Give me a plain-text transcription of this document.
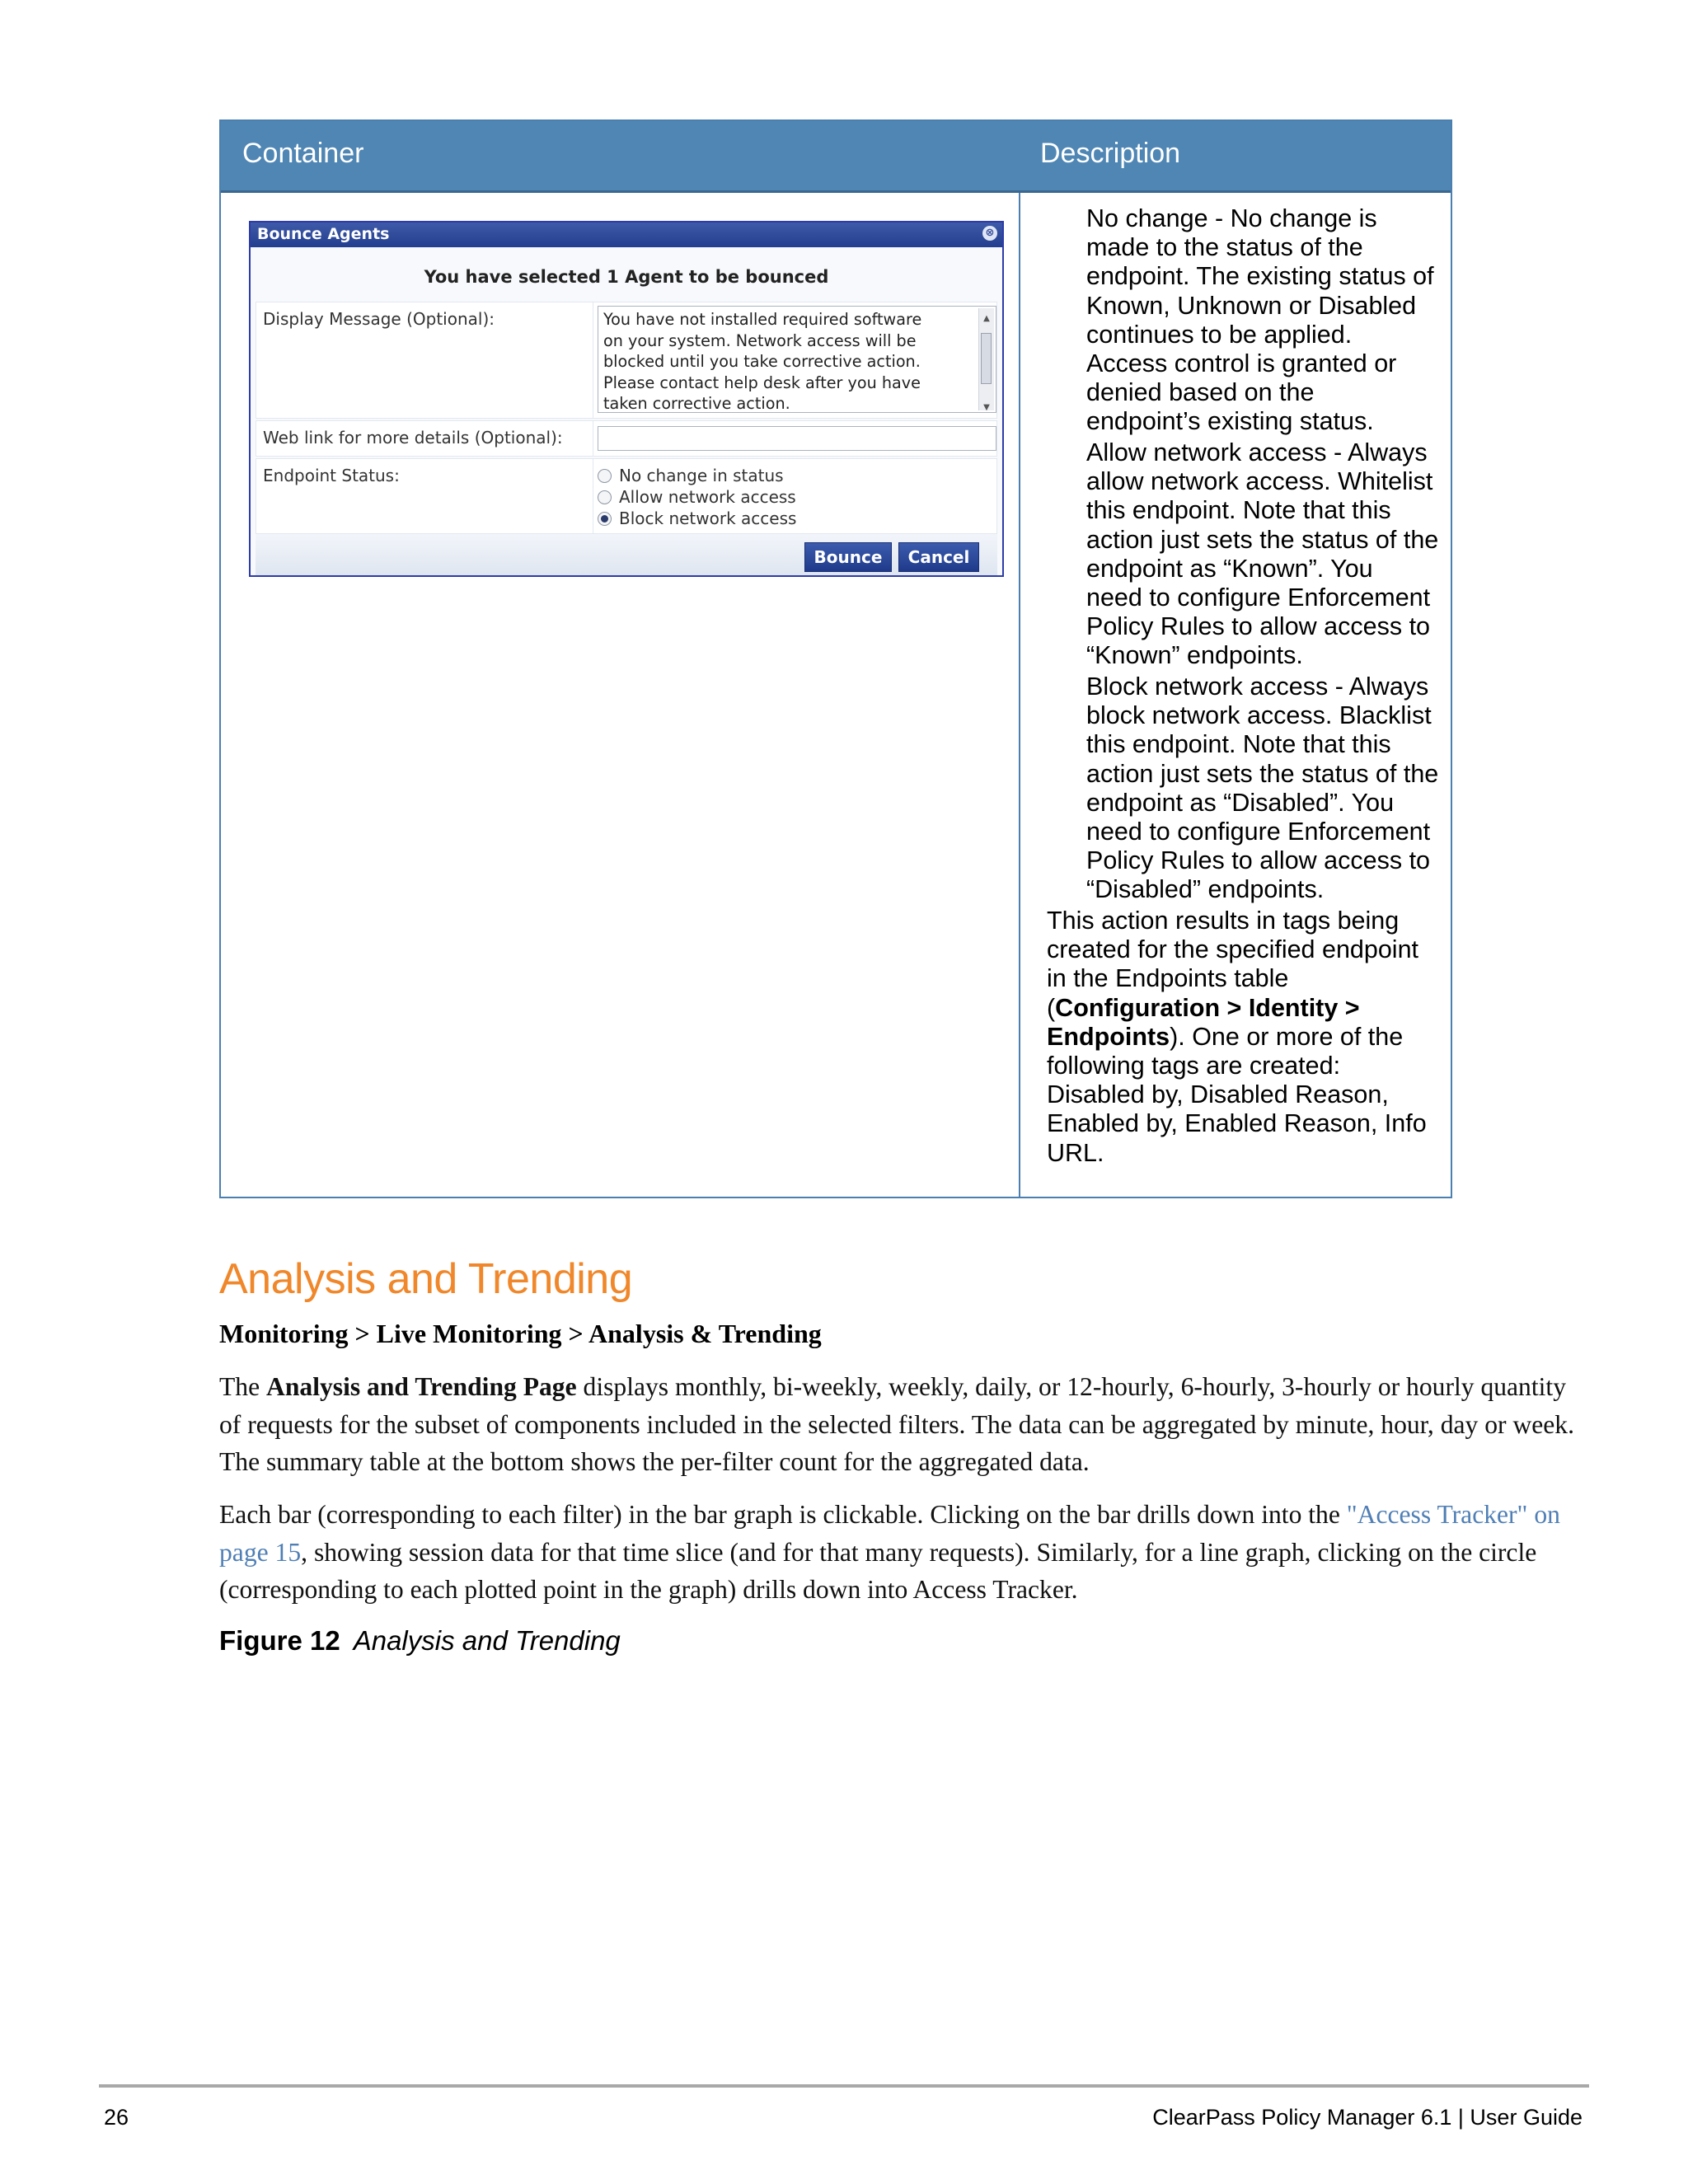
Container	Description
Bounce Agents	⊗
You have selected 1 Agent to be bounced
Display Message (Optional):	You have not installed required software
on your system. Network access will be
blocked until you take corrective action.
Please contact help desk after you have
taken corrective action.
▲
▼
Web link for more details (Optional):
Endpoint Status:	No change in status
Allow network access
Block network access
Bounce	Cancel
No change - No change is
made to the status of the
endpoint. The existing status of
Known, Unknown or Disabled
continues to be applied.
Access control is granted or
denied based on the
endpoint’s existing status.
Allow network access - Always
allow network access. Whitelist
this endpoint. Note that this
action just sets the status of the
endpoint as “Known”. You
need to configure Enforcement
Policy Rules to allow access to
“Known” endpoints.
Block network access - Always
block network access. Blacklist
this endpoint. Note that this
action just sets the status of the
endpoint as “Disabled”. You
need to configure Enforcement
Policy Rules to allow access to
“Disabled” endpoints.
This action results in tags being
created for the specified endpoint
in the Endpoints table
(Configuration > Identity >
Endpoints). One or more of the
following tags are created:
Disabled by, Disabled Reason,
Enabled by, Enabled Reason, Info
URL.
Analysis and Trending
Monitoring > Live Monitoring > Analysis & Trending
The Analysis and Trending Page displays monthly, bi-weekly, weekly, daily, or 12-hourly, 6-hourly, 3-hourly or hourly quantity of requests for the subset of components included in the selected filters. The data can be aggregated by minute, hour, day or week. The summary table at the bottom shows the per-filter count for the aggregated data.
Each bar (corresponding to each filter) in the bar graph is clickable. Clicking on the bar drills down into the "Access Tracker" on page 15, showing session data for that time slice (and for that many requests). Similarly, for a line graph, clicking on the circle (corresponding to each plotted point in the graph) drills down into Access Tracker.
Figure 12 Analysis and Trending
26	ClearPass Policy Manager 6.1 | User Guide
